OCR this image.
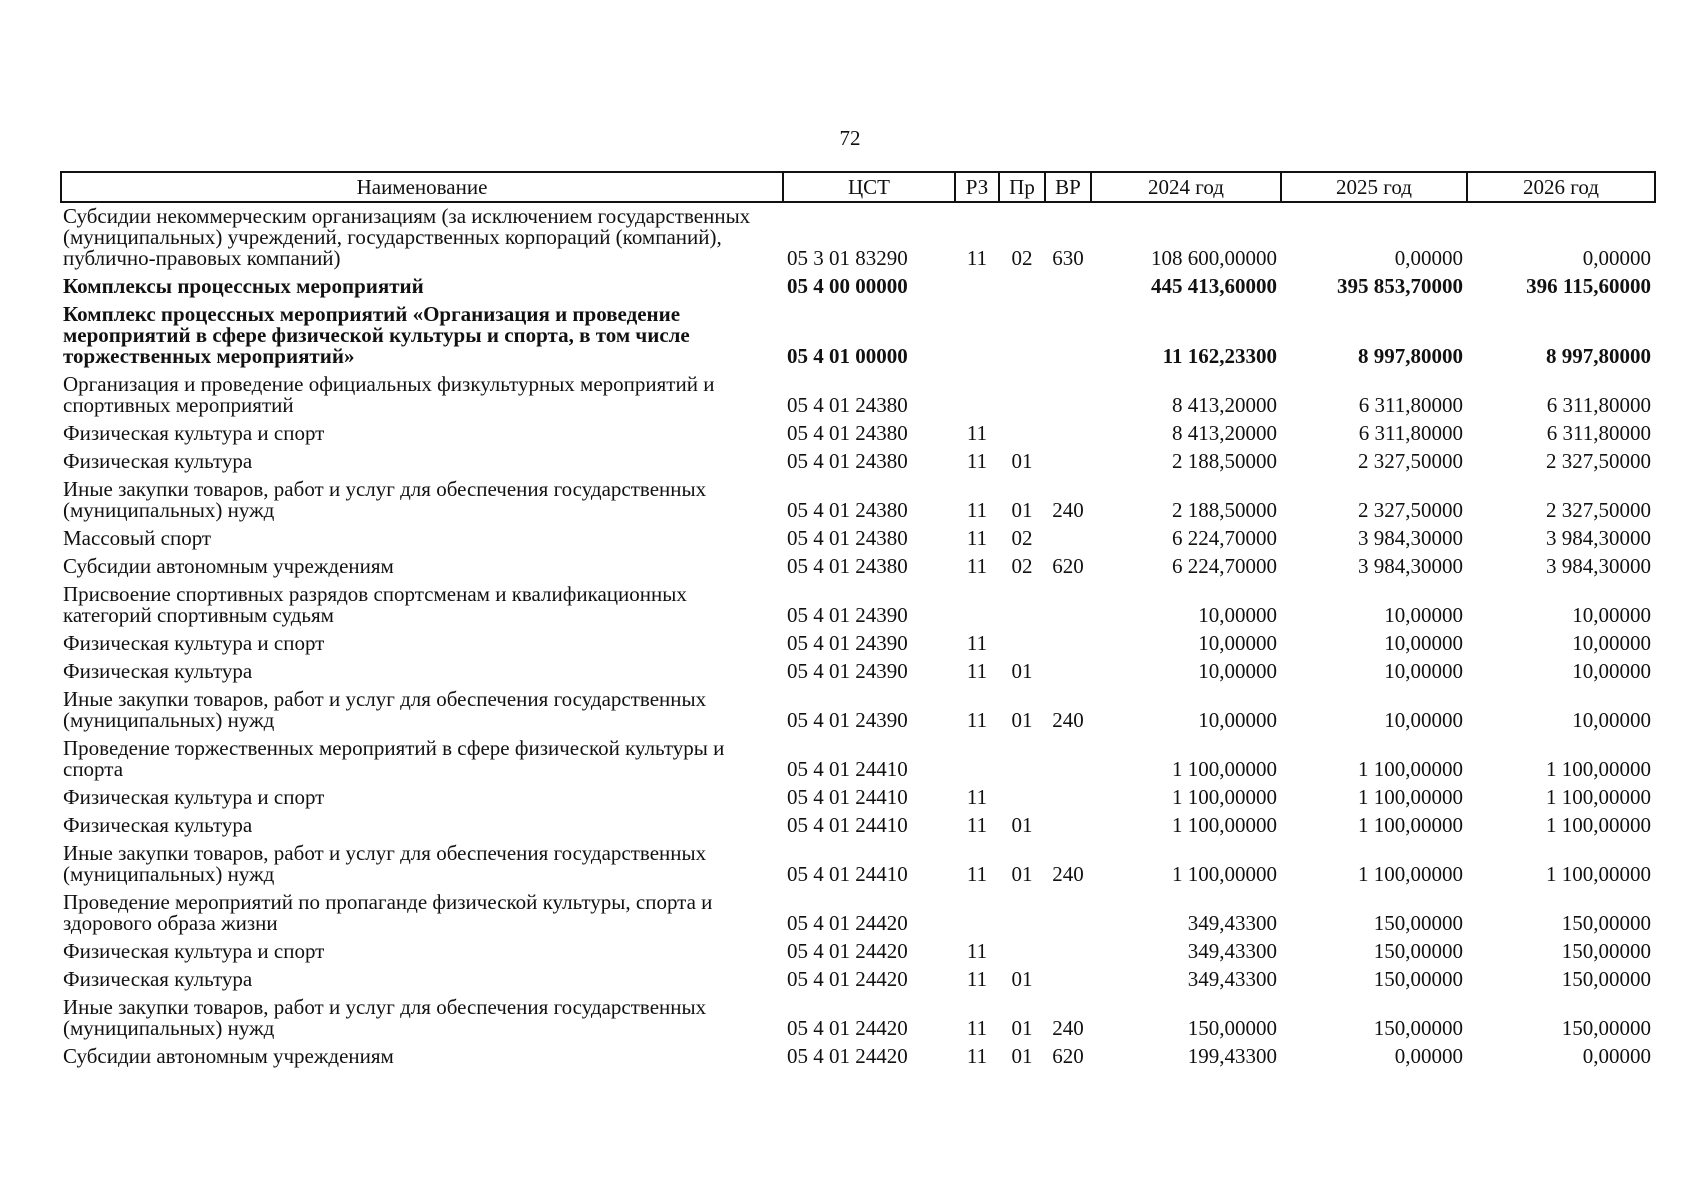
72
Наименование	ЦСТ	РЗ	Пр	ВР	2024 год	2025 год	2026 год
Субсидии некоммерческим организациям (за исключением государственных (муниципальных) учреждений, государственных корпораций (компаний), публично-правовых компаний)	05 3 01 83290	11	02	630	108 600,00000	0,00000	0,00000
Комплексы процессных мероприятий	05 4 00 00000				445 413,60000	395 853,70000	396 115,60000
Комплекс процессных мероприятий «Организация и проведение мероприятий в сфере физической культуры и спорта, в том числе торжественных мероприятий»	05 4 01 00000				11 162,23300	8 997,80000	8 997,80000
Организация и проведение официальных физкультурных мероприятий и спортивных мероприятий	05 4 01 24380				8 413,20000	6 311,80000	6 311,80000
Физическая культура и спорт	05 4 01 24380	11			8 413,20000	6 311,80000	6 311,80000
Физическая культура	05 4 01 24380	11	01		2 188,50000	2 327,50000	2 327,50000
Иные закупки товаров, работ и услуг для обеспечения государственных (муниципальных) нужд	05 4 01 24380	11	01	240	2 188,50000	2 327,50000	2 327,50000
Массовый спорт	05 4 01 24380	11	02		6 224,70000	3 984,30000	3 984,30000
Субсидии автономным учреждениям	05 4 01 24380	11	02	620	6 224,70000	3 984,30000	3 984,30000
Присвоение спортивных разрядов спортсменам и квалификационных категорий спортивным судьям	05 4 01 24390				10,00000	10,00000	10,00000
Физическая культура и спорт	05 4 01 24390	11			10,00000	10,00000	10,00000
Физическая культура	05 4 01 24390	11	01		10,00000	10,00000	10,00000
Иные закупки товаров, работ и услуг для обеспечения государственных (муниципальных) нужд	05 4 01 24390	11	01	240	10,00000	10,00000	10,00000
Проведение торжественных мероприятий в сфере физической культуры и спорта	05 4 01 24410				1 100,00000	1 100,00000	1 100,00000
Физическая культура и спорт	05 4 01 24410	11			1 100,00000	1 100,00000	1 100,00000
Физическая культура	05 4 01 24410	11	01		1 100,00000	1 100,00000	1 100,00000
Иные закупки товаров, работ и услуг для обеспечения государственных (муниципальных) нужд	05 4 01 24410	11	01	240	1 100,00000	1 100,00000	1 100,00000
Проведение мероприятий по пропаганде физической культуры, спорта и здорового образа жизни	05 4 01 24420				349,43300	150,00000	150,00000
Физическая культура и спорт	05 4 01 24420	11			349,43300	150,00000	150,00000
Физическая культура	05 4 01 24420	11	01		349,43300	150,00000	150,00000
Иные закупки товаров, работ и услуг для обеспечения государственных (муниципальных) нужд	05 4 01 24420	11	01	240	150,00000	150,00000	150,00000
Субсидии автономным учреждениям	05 4 01 24420	11	01	620	199,43300	0,00000	0,00000
